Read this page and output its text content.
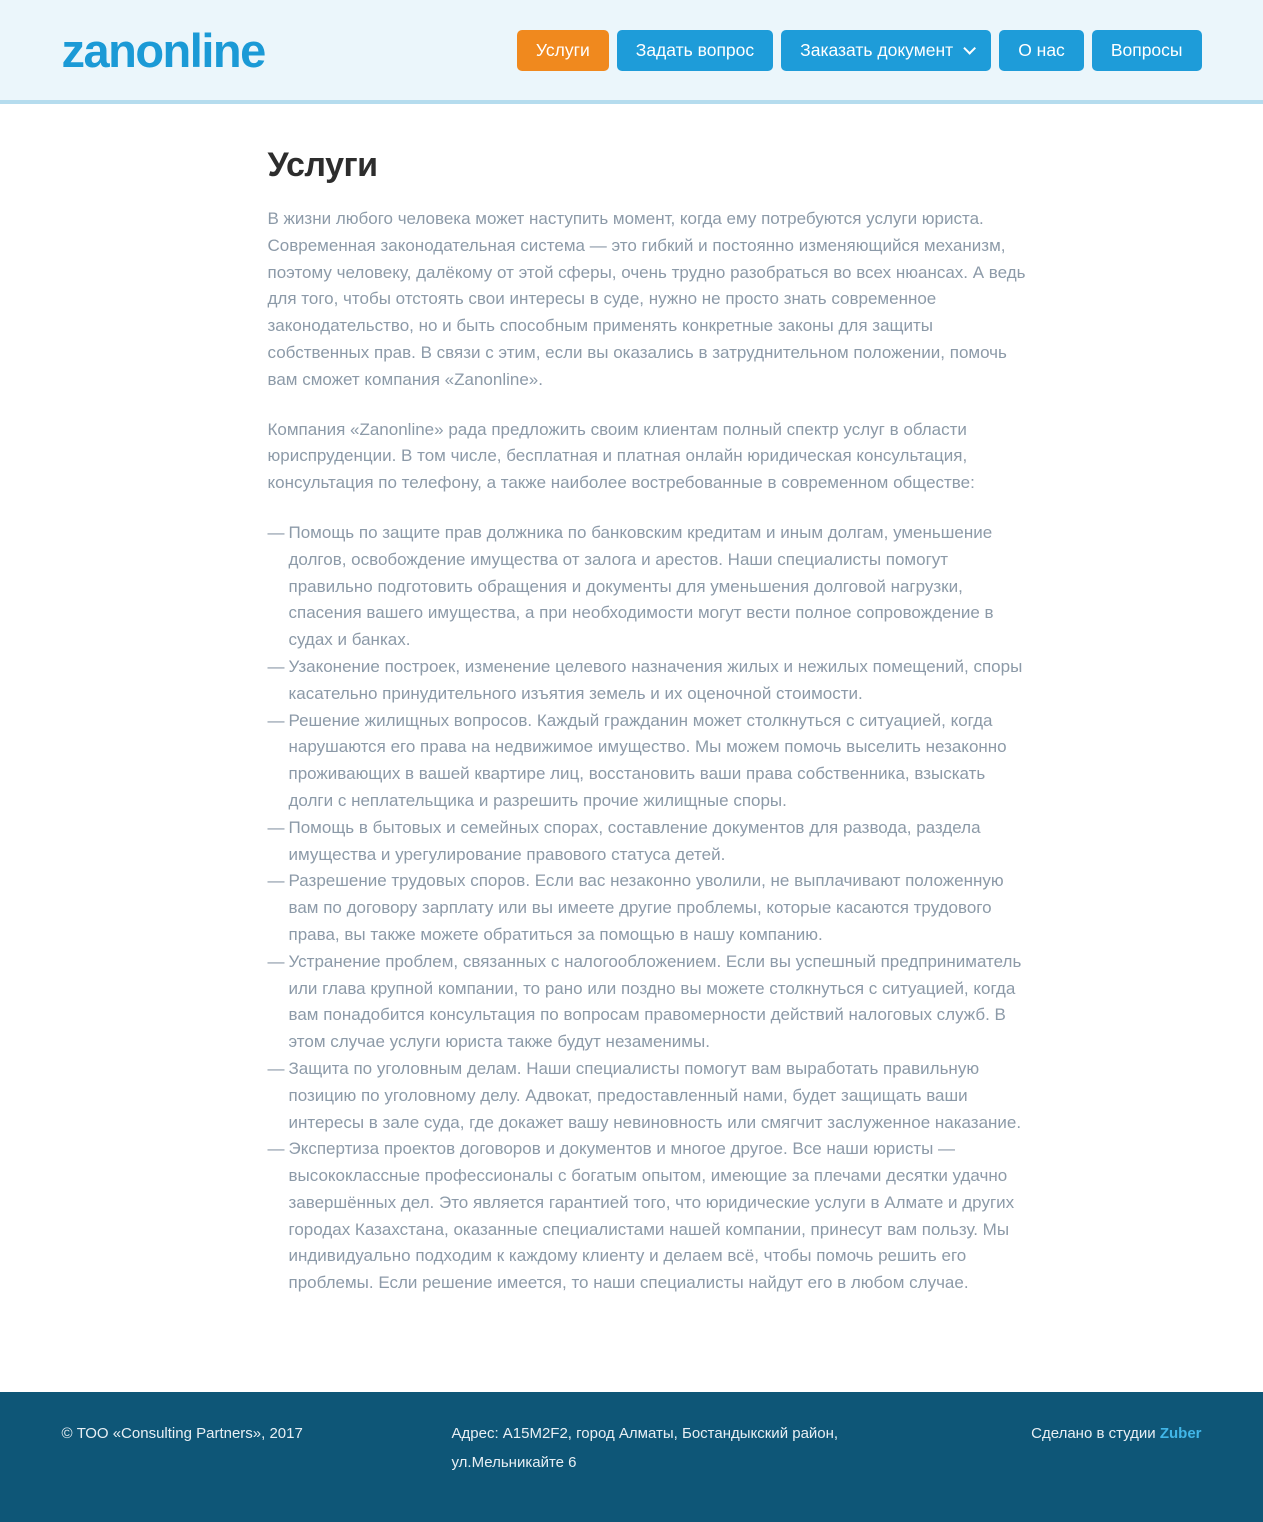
zanonline	Услуги	Задать вопрос	Заказать документ	О нас	Вопросы
Услуги

В жизни любого человека может наступить момент, когда ему потребуются услуги юриста. Современная законодательная система — это гибкий и постоянно изменяющийся механизм, поэтому человеку, далёкому от этой сферы, очень трудно разобраться во всех нюансах. А ведь для того, чтобы отстоять свои интересы в суде, нужно не просто знать современное законодательство, но и быть способным применять конкретные законы для защиты собственных прав. В связи с этим, если вы оказались в затруднительном положении, помочь вам сможет компания «Zanonline».

Компания «Zanonline» рада предложить своим клиентам полный спектр услуг в области юриспруденции. В том числе, бесплатная и платная онлайн юридическая консультация, консультация по телефону, а также наиболее востребованные в современном обществе:

— Помощь по защите прав должника по банковским кредитам и иным долгам, уменьшение долгов, освобождение имущества от залога и арестов. Наши специалисты помогут правильно подготовить обращения и документы для уменьшения долговой нагрузки, спасения вашего имущества, а при необходимости могут вести полное сопровождение в судах и банках.
— Узаконение построек, изменение целевого назначения жилых и нежилых помещений, споры касательно принудительного изъятия земель и их оценочной стоимости.
— Решение жилищных вопросов. Каждый гражданин может столкнуться с ситуацией, когда нарушаются его права на недвижимое имущество. Мы можем помочь выселить незаконно проживающих в вашей квартире лиц, восстановить ваши права собственника, взыскать долги с неплательщика и разрешить прочие жилищные споры.
— Помощь в бытовых и семейных спорах, составление документов для развода, раздела имущества и урегулирование правового статуса детей.
— Разрешение трудовых споров. Если вас незаконно уволили, не выплачивают положенную вам по договору зарплату или вы имеете другие проблемы, которые касаются трудового права, вы также можете обратиться за помощью в нашу компанию.
— Устранение проблем, связанных с налогообложением. Если вы успешный предприниматель или глава крупной компании, то рано или поздно вы можете столкнуться с ситуацией, когда вам понадобится консультация по вопросам правомерности действий налоговых служб. В этом случае услуги юриста также будут незаменимы.
— Защита по уголовным делам. Наши специалисты помогут вам выработать правильную позицию по уголовному делу. Адвокат, предоставленный нами, будет защищать ваши интересы в зале суда, где докажет вашу невиновность или смягчит заслуженное наказание.
— Экспертиза проектов договоров и документов и многое другое. Все наши юристы — высококлассные профессионалы с богатым опытом, имеющие за плечами десятки удачно завершённых дел. Это является гарантией того, что юридические услуги в Алмате и других городах Казахстана, оказанные специалистами нашей компании, принесут вам пользу. Мы индивидуально подходим к каждому клиенту и делаем всё, чтобы помочь решить его проблемы. Если решение имеется, то наши специалисты найдут его в любом случае.
© ТОО «Consulting Partners», 2017	Адрес: A15M2F2, город Алматы, Бостандыкский район,
ул.Мельникайте 6
Сделано в студии Zuber
